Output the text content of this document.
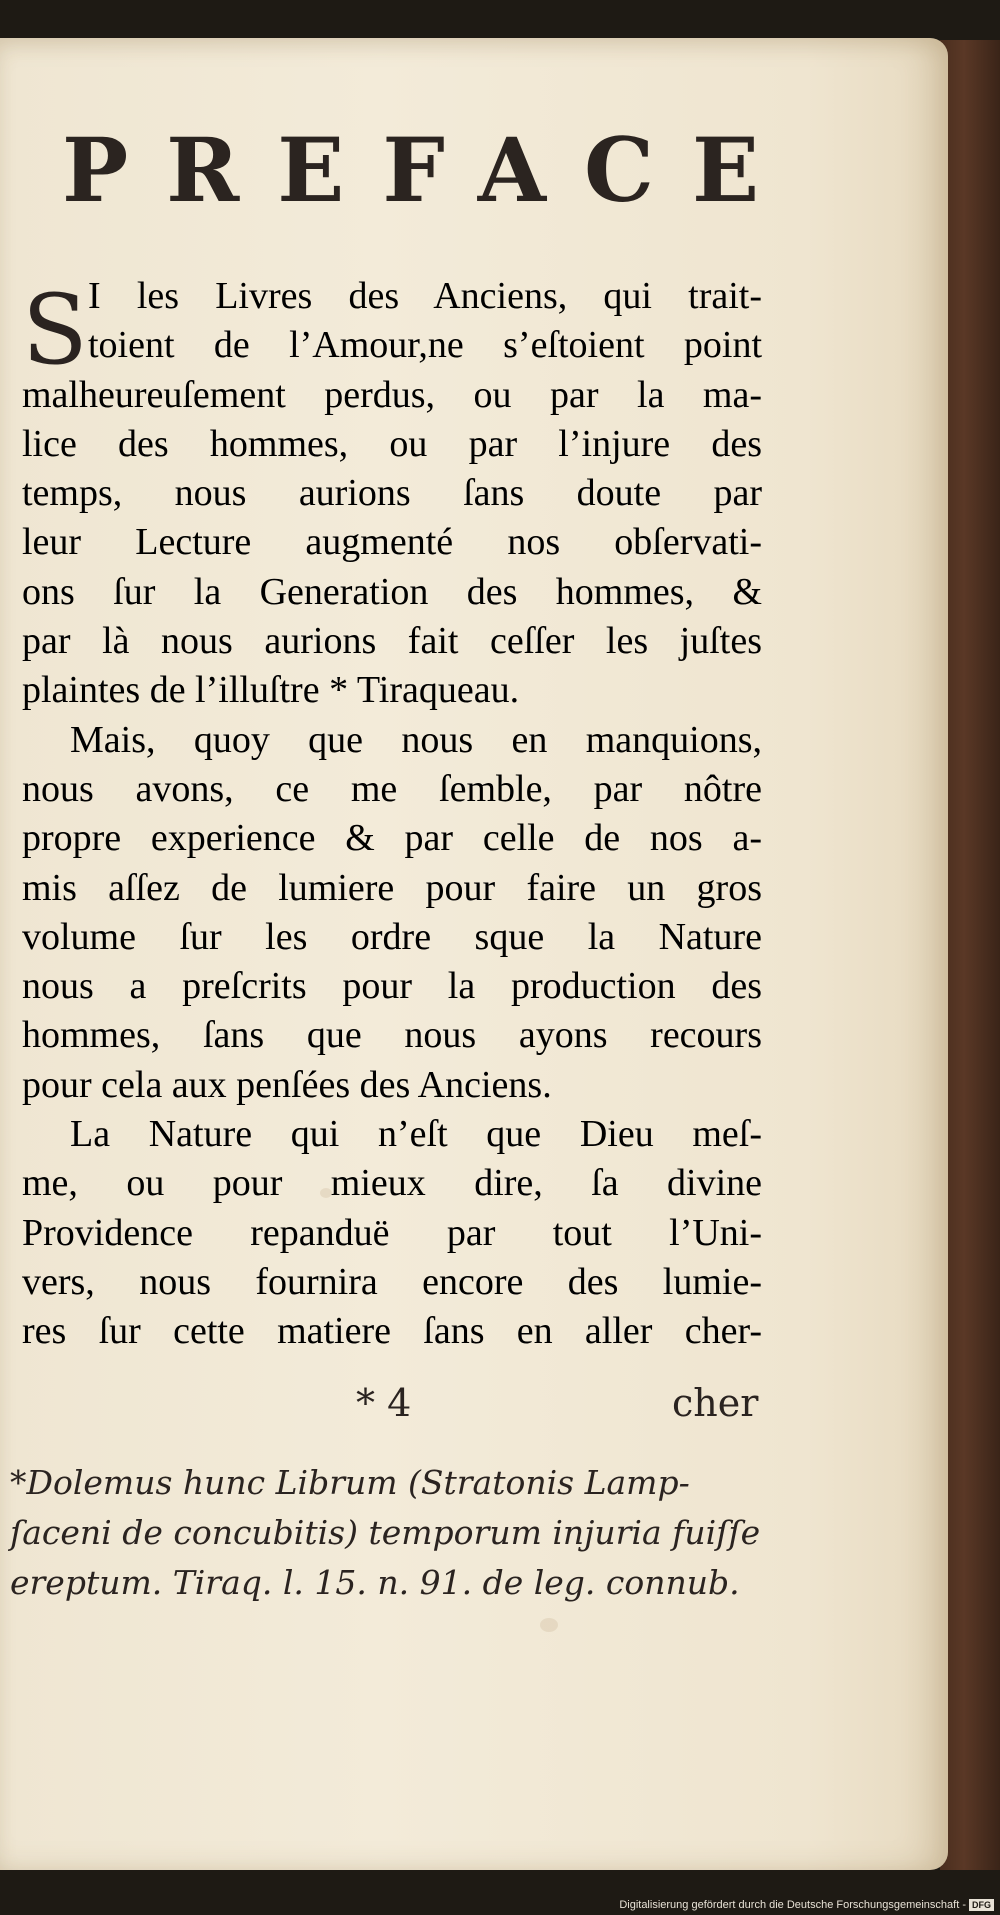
PREFACE
S I les Livres des Anciens, qui trait-
toient de l’Amour,ne s’eſtoient point
malheureuſement perdus, ou par la ma-
lice des hommes, ou par l’injure des
temps, nous aurions ſans doute par
leur Lecture augmenté nos obſervati-
ons ſur la Generation des hommes, &
par là nous aurions fait ceſſer les juſtes
plaintes de l’illuſtre * Tiraqueau.
Mais, quoy que nous en manquions,
nous avons, ce me ſemble, par nôtre
propre experience & par celle de nos a-
mis aſſez de lumiere pour faire un gros
volume ſur les ordre sque la Nature
nous a preſcrits pour la production des
hommes, ſans que nous ayons recours
pour cela aux penſées des Anciens.
La Nature qui n’eſt que Dieu meſ-
me, ou pour mieux dire, ſa divine
Providence repanduë par tout l’Uni-
vers, nous fournira encore des lumie-
res ſur cette matiere ſans en aller cher-
* 4	cher
*Dolemus hunc Librum (Stratonis Lamp-
ſaceni de concubitis) temporum injuria fuiſſe
ereptum. Tiraq. l. 15. n. 91. de leg. connub.
Digitalisierung gefördert durch die Deutsche Forschungsgemeinschaft - DFG
